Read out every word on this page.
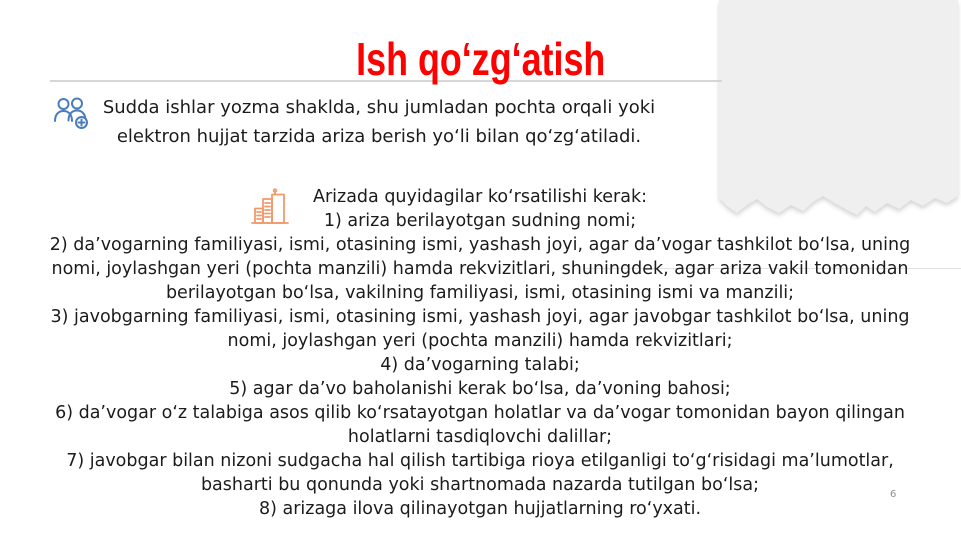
Ish qo‘zg‘atish
Sudda ishlar yozma shaklda, shu jumladan pochta orqali yoki elektron hujjat tarzida ariza berish yo‘li bilan qo‘zg‘atiladi.
Arizada quyidagilar ko‘rsatilishi kerak:
1) ariza berilayotgan sudning nomi;
2) da’vogarning familiyasi, ismi, otasining ismi, yashash joyi, agar da’vogar tashkilot bo‘lsa, uning nomi, joylashgan yeri (pochta manzili) hamda rekvizitlari, shuningdek, agar ariza vakil tomonidan berilayotgan bo‘lsa, vakilning familiyasi, ismi, otasining ismi va manzili;
3) javobgarning familiyasi, ismi, otasining ismi, yashash joyi, agar javobgar tashkilot bo‘lsa, uning nomi, joylashgan yeri (pochta manzili) hamda rekvizitlari;
4) da’vogarning talabi;
5) agar da’vo baholanishi kerak bo‘lsa, da’voning bahosi;
6) da’vogar o‘z talabiga asos qilib ko‘rsatayotgan holatlar va da’vogar tomonidan bayon qilingan holatlarni tasdiqlovchi dalillar;
7) javobgar bilan nizoni sudgacha hal qilish tartibiga rioya etilganligi to‘g‘risidagi ma’lumotlar, basharti bu qonunda yoki shartnomada nazarda tutilgan bo‘lsa;
8) arizaga ilova qilinayotgan hujjatlarning ro‘yxati.
6
